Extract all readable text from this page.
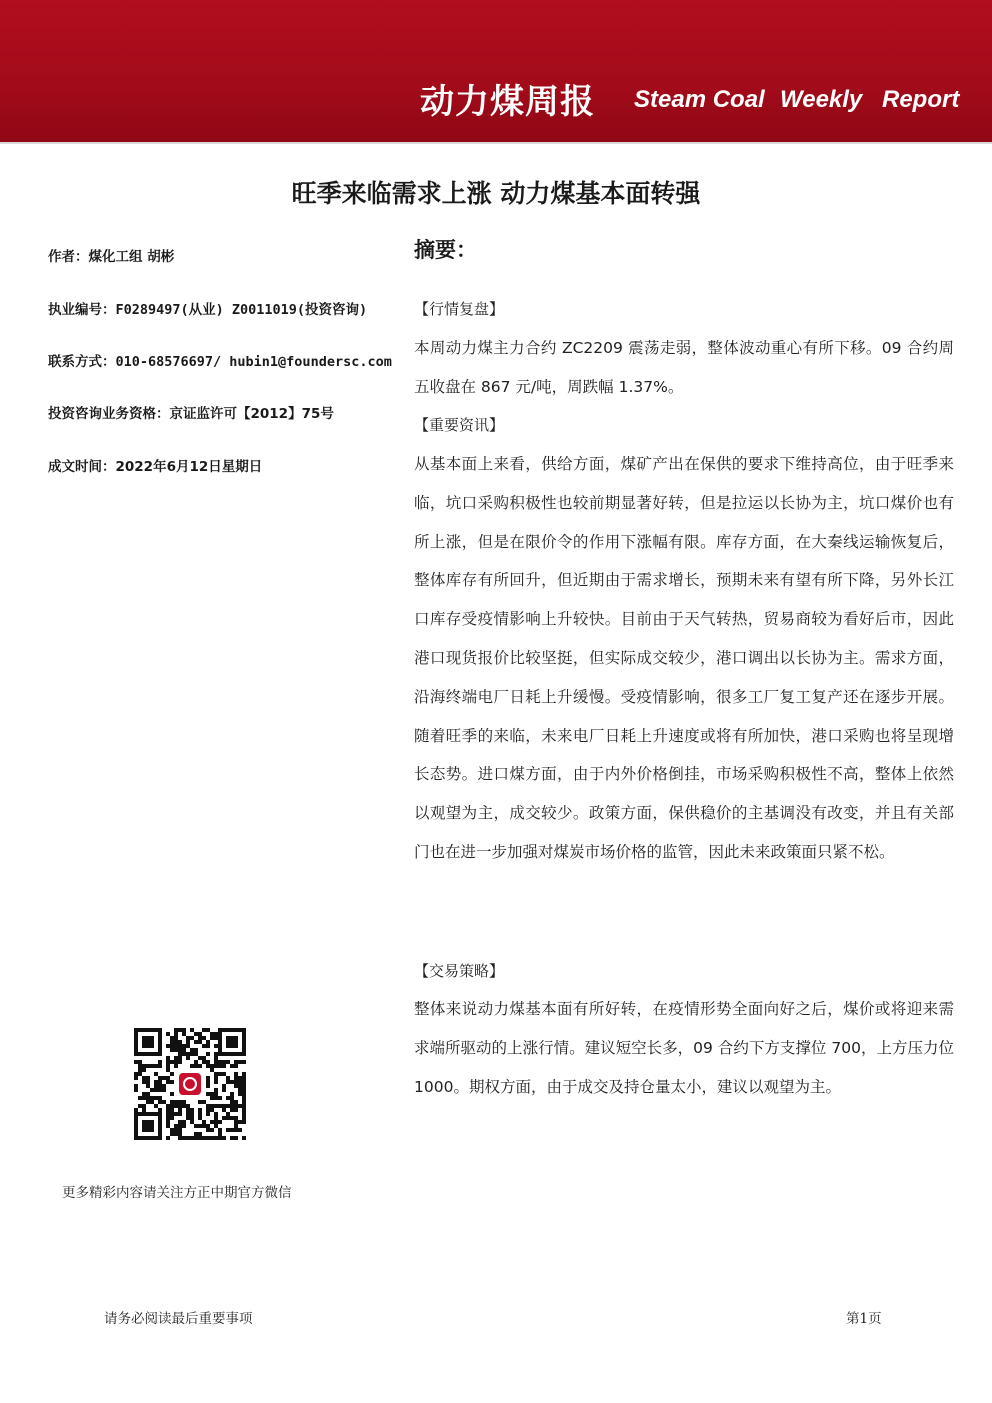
动力煤周报 Steam Coal Weekly Report
旺季来临需求上涨 动力煤基本面转强
作者：煤化工组 胡彬
执业编号：F0289497(从业) Z0011019(投资咨询)
联系方式：010-68576697/ hubin1@foundersc.com
投资咨询业务资格：京证监许可【2012】75号
成文时间：2022年6月12日星期日
更多精彩内容请关注方正中期官方微信
摘要：
【行情复盘】

本周动力煤主力合约 ZC2209 震荡走弱，整体波动重心有所下移。09 合约周五收盘在 867 元/吨，周跌幅 1.37%。

【重要资讯】

从基本面上来看，供给方面，煤矿产出在保供的要求下维持高位，由于旺季来临，坑口采购积极性也较前期显著好转，但是拉运以长协为主，坑口煤价也有所上涨，但是在限价令的作用下涨幅有限。库存方面，在大秦线运输恢复后，整体库存有所回升，但近期由于需求增长，预期未来有望有所下降，另外长江口库存受疫情影响上升较快。目前由于天气转热，贸易商较为看好后市，因此港口现货报价比较坚挺，但实际成交较少，港口调出以长协为主。需求方面，沿海终端电厂日耗上升缓慢。受疫情影响，很多工厂复工复产还在逐步开展。随着旺季的来临，未来电厂日耗上升速度或将有所加快，港口采购也将呈现增长态势。进口煤方面，由于内外价格倒挂，市场采购积极性不高，整体上依然以观望为主，成交较少。政策方面，保供稳价的主基调没有改变，并且有关部门也在进一步加强对煤炭市场价格的监管，因此未来政策面只紧不松。

【交易策略】

整体来说动力煤基本面有所好转，在疫情形势全面向好之后，煤价或将迎来需求端所驱动的上涨行情。建议短空长多，09 合约下方支撑位 700，上方压力位 1000。期权方面，由于成交及持仓量太小，建议以观望为主。

请务必阅读最后重要事项	第1页
